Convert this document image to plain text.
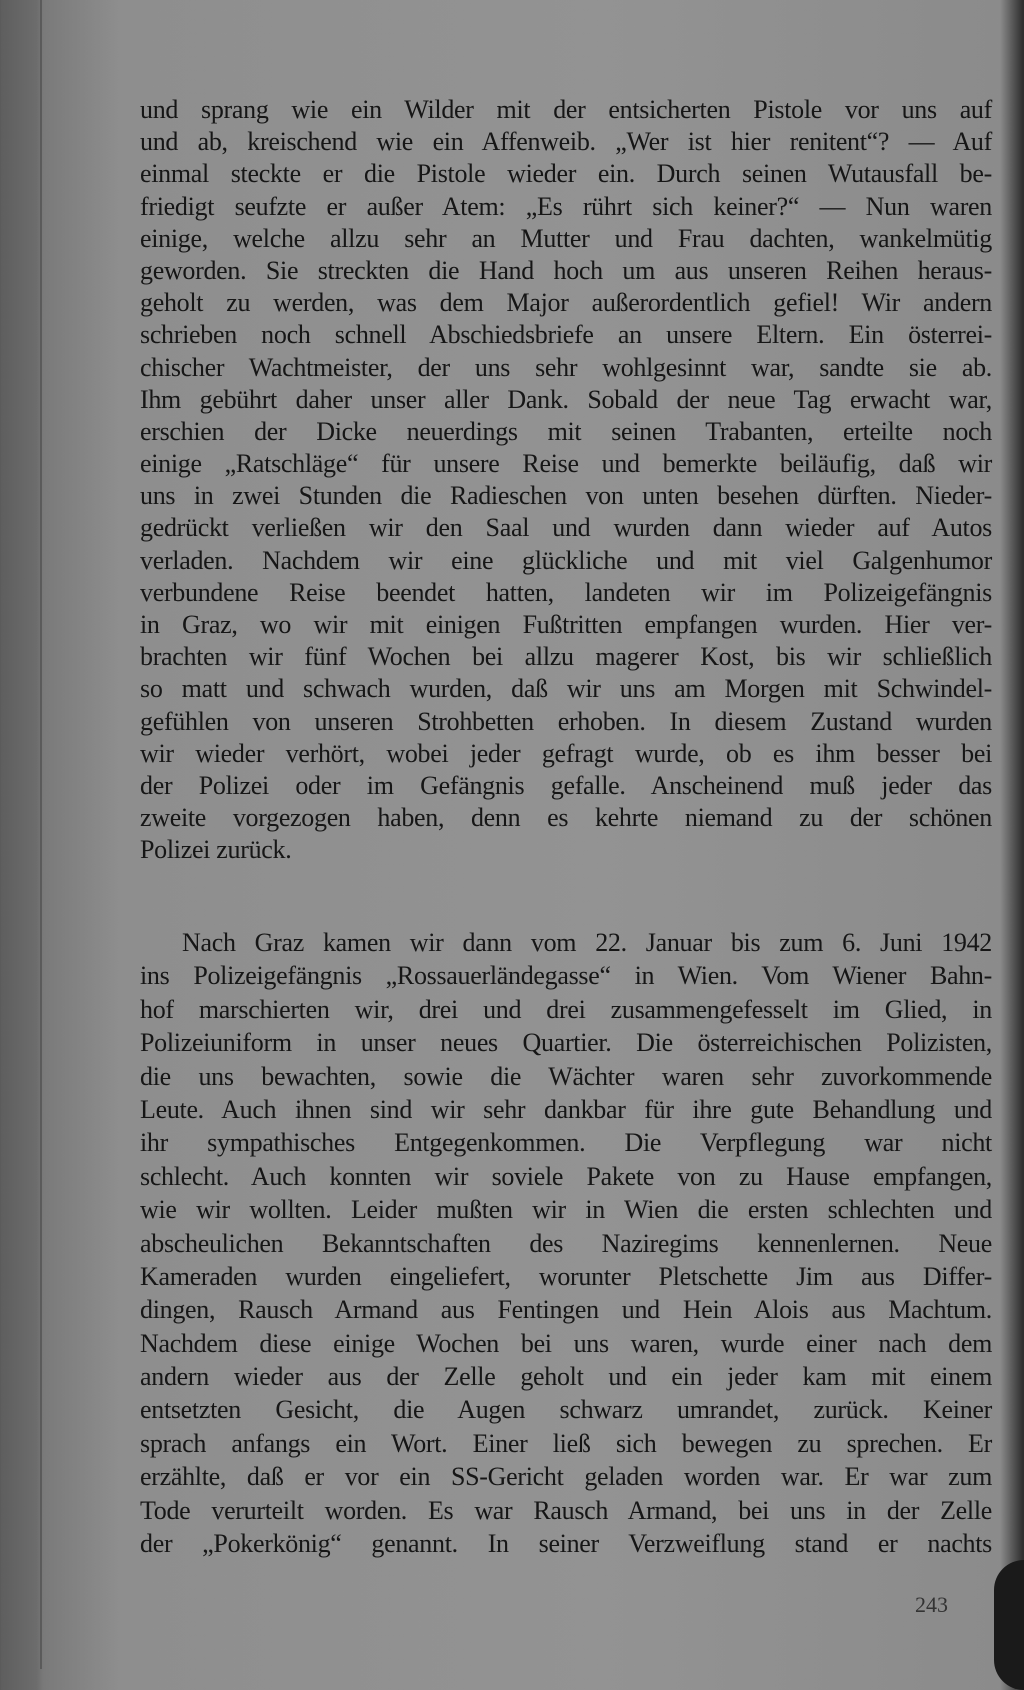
und sprang wie ein Wilder mit der entsicherten Pistole vor uns auf
und ab, kreischend wie ein Affenweib. „Wer ist hier renitent“? — Auf
einmal steckte er die Pistole wieder ein. Durch seinen Wutausfall be-
friedigt seufzte er außer Atem: „Es rührt sich keiner?“ — Nun waren
einige, welche allzu sehr an Mutter und Frau dachten, wankelmütig
geworden. Sie streckten die Hand hoch um aus unseren Reihen heraus-
geholt zu werden, was dem Major außerordentlich gefiel! Wir andern
schrieben noch schnell Abschiedsbriefe an unsere Eltern. Ein österrei-
chischer Wachtmeister, der uns sehr wohlgesinnt war, sandte sie ab.
Ihm gebührt daher unser aller Dank. Sobald der neue Tag erwacht war,
erschien der Dicke neuerdings mit seinen Trabanten, erteilte noch
einige „Ratschläge“ für unsere Reise und bemerkte beiläufig, daß wir
uns in zwei Stunden die Radieschen von unten besehen dürften. Nieder-
gedrückt verließen wir den Saal und wurden dann wieder auf Autos
verladen. Nachdem wir eine glückliche und mit viel Galgenhumor
verbundene Reise beendet hatten, landeten wir im Polizeigefängnis
in Graz, wo wir mit einigen Fußtritten empfangen wurden. Hier ver-
brachten wir fünf Wochen bei allzu magerer Kost, bis wir schließlich
so matt und schwach wurden, daß wir uns am Morgen mit Schwindel-
gefühlen von unseren Strohbetten erhoben. In diesem Zustand wurden
wir wieder verhört, wobei jeder gefragt wurde, ob es ihm besser bei
der Polizei oder im Gefängnis gefalle. Anscheinend muß jeder das
zweite vorgezogen haben, denn es kehrte niemand zu der schönen
Polizei zurück.
Nach Graz kamen wir dann vom 22. Januar bis zum 6. Juni 1942
ins Polizeigefängnis „Rossauerländegasse“ in Wien. Vom Wiener Bahn-
hof marschierten wir, drei und drei zusammengefesselt im Glied, in
Polizeiuniform in unser neues Quartier. Die österreichischen Polizisten,
die uns bewachten, sowie die Wächter waren sehr zuvorkommende
Leute. Auch ihnen sind wir sehr dankbar für ihre gute Behandlung und
ihr sympathisches Entgegenkommen. Die Verpflegung war nicht
schlecht. Auch konnten wir soviele Pakete von zu Hause empfangen,
wie wir wollten. Leider mußten wir in Wien die ersten schlechten und
abscheulichen Bekanntschaften des Naziregims kennenlernen. Neue
Kameraden wurden eingeliefert, worunter Pletschette Jim aus Differ-
dingen, Rausch Armand aus Fentingen und Hein Alois aus Machtum.
Nachdem diese einige Wochen bei uns waren, wurde einer nach dem
andern wieder aus der Zelle geholt und ein jeder kam mit einem
entsetzten Gesicht, die Augen schwarz umrandet, zurück. Keiner
sprach anfangs ein Wort. Einer ließ sich bewegen zu sprechen. Er
erzählte, daß er vor ein SS-Gericht geladen worden war. Er war zum
Tode verurteilt worden. Es war Rausch Armand, bei uns in der Zelle
der „Pokerkönig“ genannt. In seiner Verzweiflung stand er nachts
243
